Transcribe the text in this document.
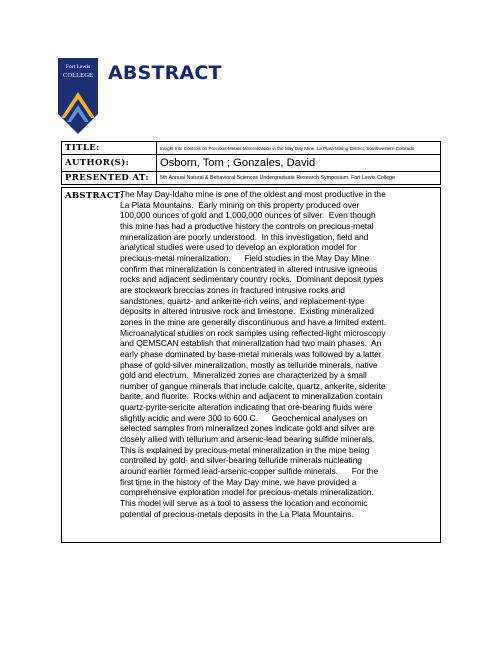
Fort Lewis
COLLEGE ABSTRACT
TITLE:	Insight Into Controls on Precious-Metals Mineralization in the May Day Mine, La Plata Mining District, Southwestern Colorado
AUTHOR(S):	Osborn, Tom ; Gonzales, David
PRESENTED AT:	5th Annual Natural & Behavioral Sciences Undergraduate Research Symposium, Fort Lewis College
ABSTRACT:
The May Day-Idaho mine is one of the oldest and most productive in the
La Plata Mountains.  Early mining on this property produced over
100,000 ounces of gold and 1,000,000 ounces of silver.  Even though
this mine has had a productive history the controls on precious-metal
mineralization are poorly understood.  In this investigation, field and
analytical studies were used to develop an exploration model for
precious-metal mineralization.      Field studies in the May Day Mine
confirm that mineralization is concentrated in altered intrusive igneous
rocks and adjacent sedimentary country rocks.  Dominant deposit types
are stockwork breccias zones in fractured intrusive rocks and
sandstones, quartz- and ankerite-rich veins, and replacement-type
deposits in altered intrusive rock and limestone.  Existing mineralized
zones in the mine are generally discontinuous and have a limited extent.
Microanalytical studies on rock samples using reflected-light microscopy
and QEMSCAN establish that mineralization had two main phases.  An
early phase dominated by base-metal minerals was followed by a latter
phase of gold-silver mineralization, mostly as telluride minerals, native
gold and electrum.  Mineralized zones are characterized by a small
number of gangue minerals that include calcite, quartz, ankerite, siderite
barite, and fluorite.  Rocks within and adjacent to mineralization contain
quartz-pyrite-sericite alteration indicating that ore-bearing fluids were
slightly acidic and were 300 to 600 C.      Geochemical analyses on
selected samples from mineralized zones indicate gold and silver are
closely allied with tellurium and arsenic-lead bearing sulfide minerals.
This is explained by precious-metal mineralization in the mine being
controlled by gold- and silver-bearing telluride minerals nucleating
around earlier formed lead-arsenic-copper sulfide minerals.      For the
first time in the history of the May Day mine, we have provided a
comprehensive exploration model for precious-metals mineralization.
This model will serve as a tool to assess the location and economic
potential of precious-metals deposits in the La Plata Mountains.
